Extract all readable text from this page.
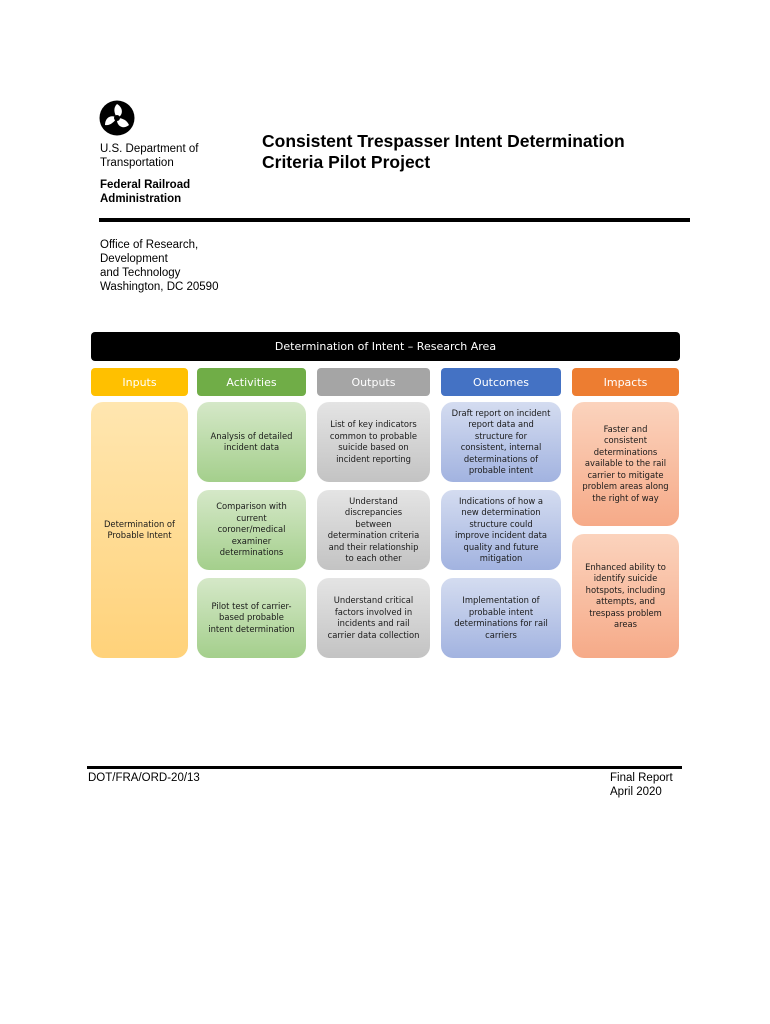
U.S. Department of
Transportation
Federal Railroad
Administration
Consistent Trespasser Intent Determination
Criteria Pilot Project
Office of Research,
Development
and Technology
Washington, DC 20590
Determination of Intent – Research Area
Inputs	Activities	Outputs	Outcomes	Impacts
Determination of Probable Intent
Analysis of detailed incident data
Comparison with current coroner/medical examiner determinations
Pilot test of carrier-based probable intent determination
List of key indicators common to probable suicide based on incident reporting
Understand discrepancies between determination criteria and their relationship to each other
Understand critical factors involved in incidents and rail carrier data collection
Draft report on incident report data and structure for consistent, internal determinations of probable intent
Indications of how a new determination structure could improve incident data quality and future mitigation
Implementation of probable intent determinations for rail carriers
Faster and consistent determinations available to the rail carrier to mitigate problem areas along the right of way
Enhanced ability to identify suicide hotspots, including attempts, and trespass problem areas
DOT/FRA/ORD-20/13	Final Report
April 2020
